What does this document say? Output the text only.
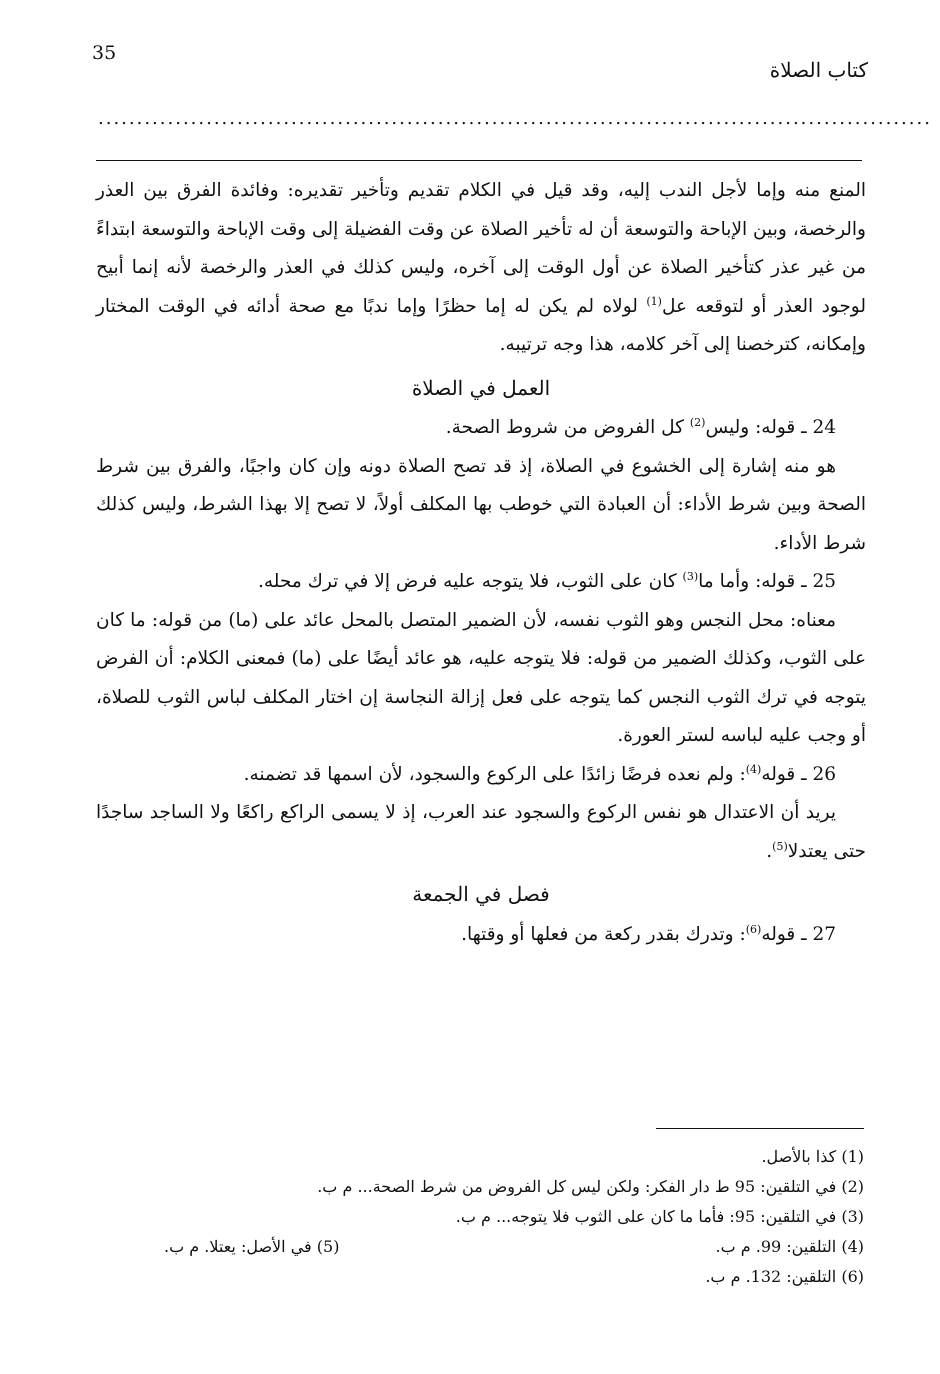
35
كتاب الصلاة
............................................................................................................

المنع منه وإما لأجل الندب إليه، وقد قيل في الكلام تقديم وتأخير تقديره: وفائدة الفرق بين العذر والرخصة، وبين الإباحة والتوسعة أن له تأخير الصلاة عن وقت الفضيلة إلى وقت الإباحة والتوسعة ابتداءً من غير عذر كتأخير الصلاة عن أول الوقت إلى آخره، وليس كذلك في العذر والرخصة لأنه إنما أبيح لوجود العذر أو لتوقعه عل$^{(1)}$ لولاه لم يكن له إما حظرًا وإما ندبًا مع صحة أدائه في الوقت المختار وإمكانه، كترخصنا إلى آخر كلامه، هذا وجه ترتيبه.

العمل في الصلاة

24 ـ قوله: وليس$^{(2)}$ كل الفروض من شروط الصحة.

هو منه إشارة إلى الخشوع في الصلاة، إذ قد تصح الصلاة دونه وإن كان واجبًا، والفرق بين شرط الصحة وبين شرط الأداء: أن العبادة التي خوطب بها المكلف أولاً، لا تصح إلا بهذا الشرط، وليس كذلك شرط الأداء.

25 ـ قوله: وأما ما$^{(3)}$ كان على الثوب، فلا يتوجه عليه فرض إلا في ترك محله.

معناه: محل النجس وهو الثوب نفسه، لأن الضمير المتصل بالمحل عائد على (ما) من قوله: ما كان على الثوب، وكذلك الضمير من قوله: فلا يتوجه عليه، هو عائد أيضًا على (ما) فمعنى الكلام: أن الفرض يتوجه في ترك الثوب النجس كما يتوجه على فعل إزالة النجاسة إن اختار المكلف لباس الثوب للصلاة، أو وجب عليه لباسه لستر العورة.

26 ـ قوله$^{(4)}$: ولم نعده فرضًا زائدًا على الركوع والسجود، لأن اسمها قد تضمنه.

يريد أن الاعتدال هو نفس الركوع والسجود عند العرب، إذ لا يسمى الراكع راكعًا ولا الساجد ساجدًا حتى يعتدلا$^{(5)}$.

فصل في الجمعة

27 ـ قوله$^{(6)}$: وتدرك بقدر ركعة من فعلها أو وقتها.

(1) كذا بالأصل.
(2) في التلقين: 95 ط دار الفكر: ولكن ليس كل الفروض من شرط الصحة... م ب.
(3) في التلقين: 95: فأما ما كان على الثوب فلا يتوجه... م ب.
(4) التلقين: 99. م ب.
(5) في الأصل: يعتلا. م ب.
(6) التلقين: 132. م ب.
